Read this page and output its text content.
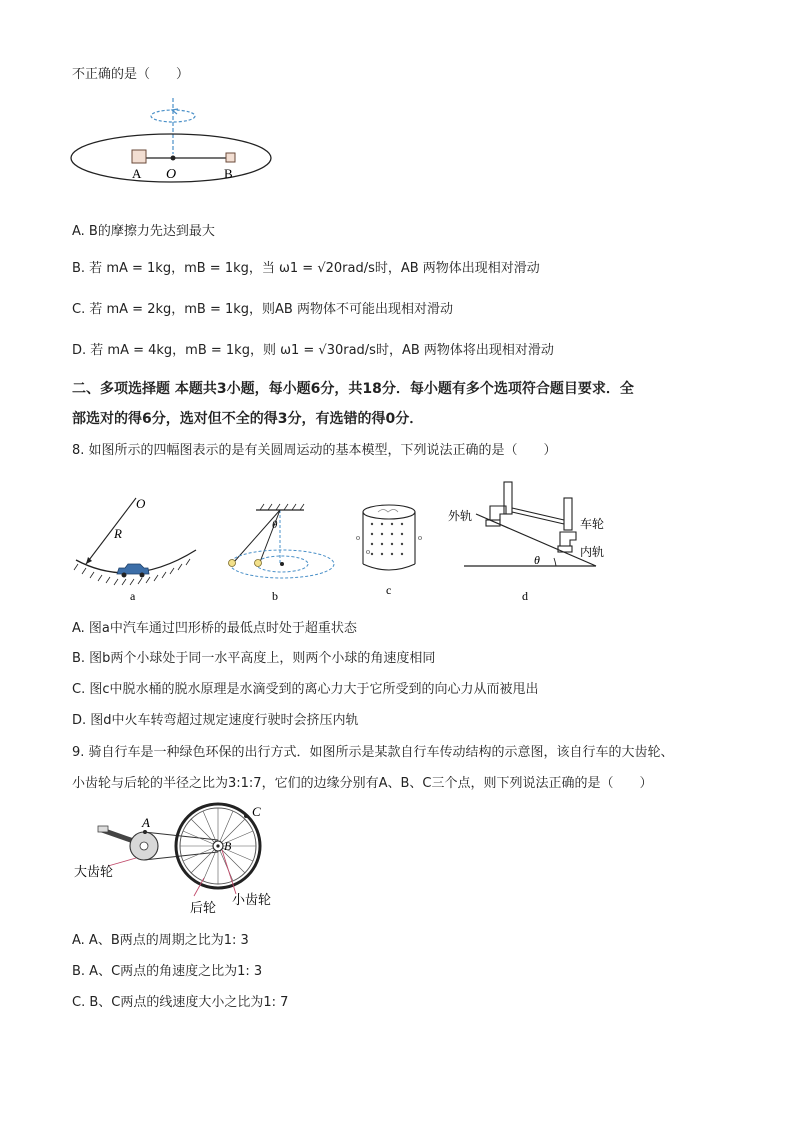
不正确的是（　　）
A O	B
A. B的摩擦力先达到最大
B. 若 mA = 1kg，mB = 1kg，当 ω1 = √20rad/s时，AB 两物体出现相对滑动
C. 若 mA = 2kg，mB = 1kg，则AB 两物体不可能出现相对滑动
D. 若 mA = 4kg，mB = 1kg，则 ω1 = √30rad/s时，AB 两物体将出现相对滑动
二、多项选择题 本题共3小题，每小题6分，共18分．每小题有多个选项符合题目要求．全
部选对的得6分，选对但不全的得3分，有选错的得0分．
8. 如图所示的四幅图表示的是有关圆周运动的基本模型，下列说法正确的是（　　）
O
R
a
θ
b
o	o
o
c
θ
外轨
车轮
内轨
d
A. 图a中汽车通过凹形桥的最低点时处于超重状态
B. 图b两个小球处于同一水平高度上，则两个小球的角速度相同
C. 图c中脱水桶的脱水原理是水滴受到的离心力大于它所受到的向心力从而被甩出
D. 图d中火车转弯超过规定速度行驶时会挤压内轨
9. 骑自行车是一种绿色环保的出行方式．如图所示是某款自行车传动结构的示意图，该自行车的大齿轮、
小齿轮与后轮的半径之比为3:1:7，它们的边缘分别有A、B、C三个点，则下列说法正确的是（　　）
A
B
C
大齿轮
后轮
小齿轮
A. A、B两点的周期之比为1: 3
B. A、C两点的角速度之比为1: 3
C. B、C两点的线速度大小之比为1: 7
